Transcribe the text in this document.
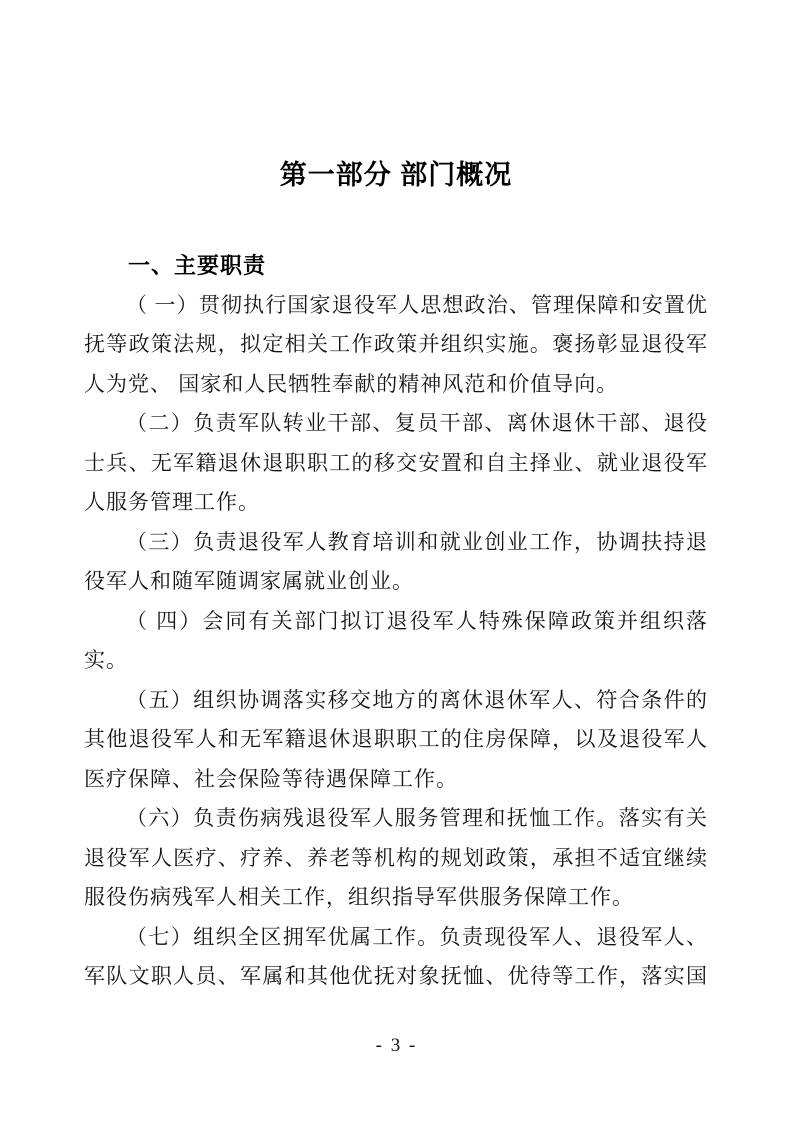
第一部分 部门概况
一、主要职责

（ 一）贯彻执行国家退役军人思想政治、管理保障和安置优

抚等政策法规，拟定相关工作政策并组织实施。褒扬彰显退役军

人为党、 国家和人民牺牲奉献的精神风范和价值导向。

（二）负责军队转业干部、复员干部、离休退休干部、退役

士兵、无军籍退休退职职工的移交安置和自主择业、就业退役军

人服务管理工作。

（三）负责退役军人教育培训和就业创业工作，协调扶持退

役军人和随军随调家属就业创业。

（ 四）会同有关部门拟订退役军人特殊保障政策并组织落

实。

（五）组织协调落实移交地方的离休退休军人、符合条件的

其他退役军人和无军籍退休退职职工的住房保障，以及退役军人

医疗保障、社会保险等待遇保障工作。

（六）负责伤病残退役军人服务管理和抚恤工作。落实有关

退役军人医疗、疗养、养老等机构的规划政策，承担不适宜继续

服役伤病残军人相关工作，组织指导军供服务保障工作。

（七）组织全区拥军优属工作。负责现役军人、退役军人、

军队文职人员、军属和其他优抚对象抚恤、优待等工作，落实国

- 3 -
